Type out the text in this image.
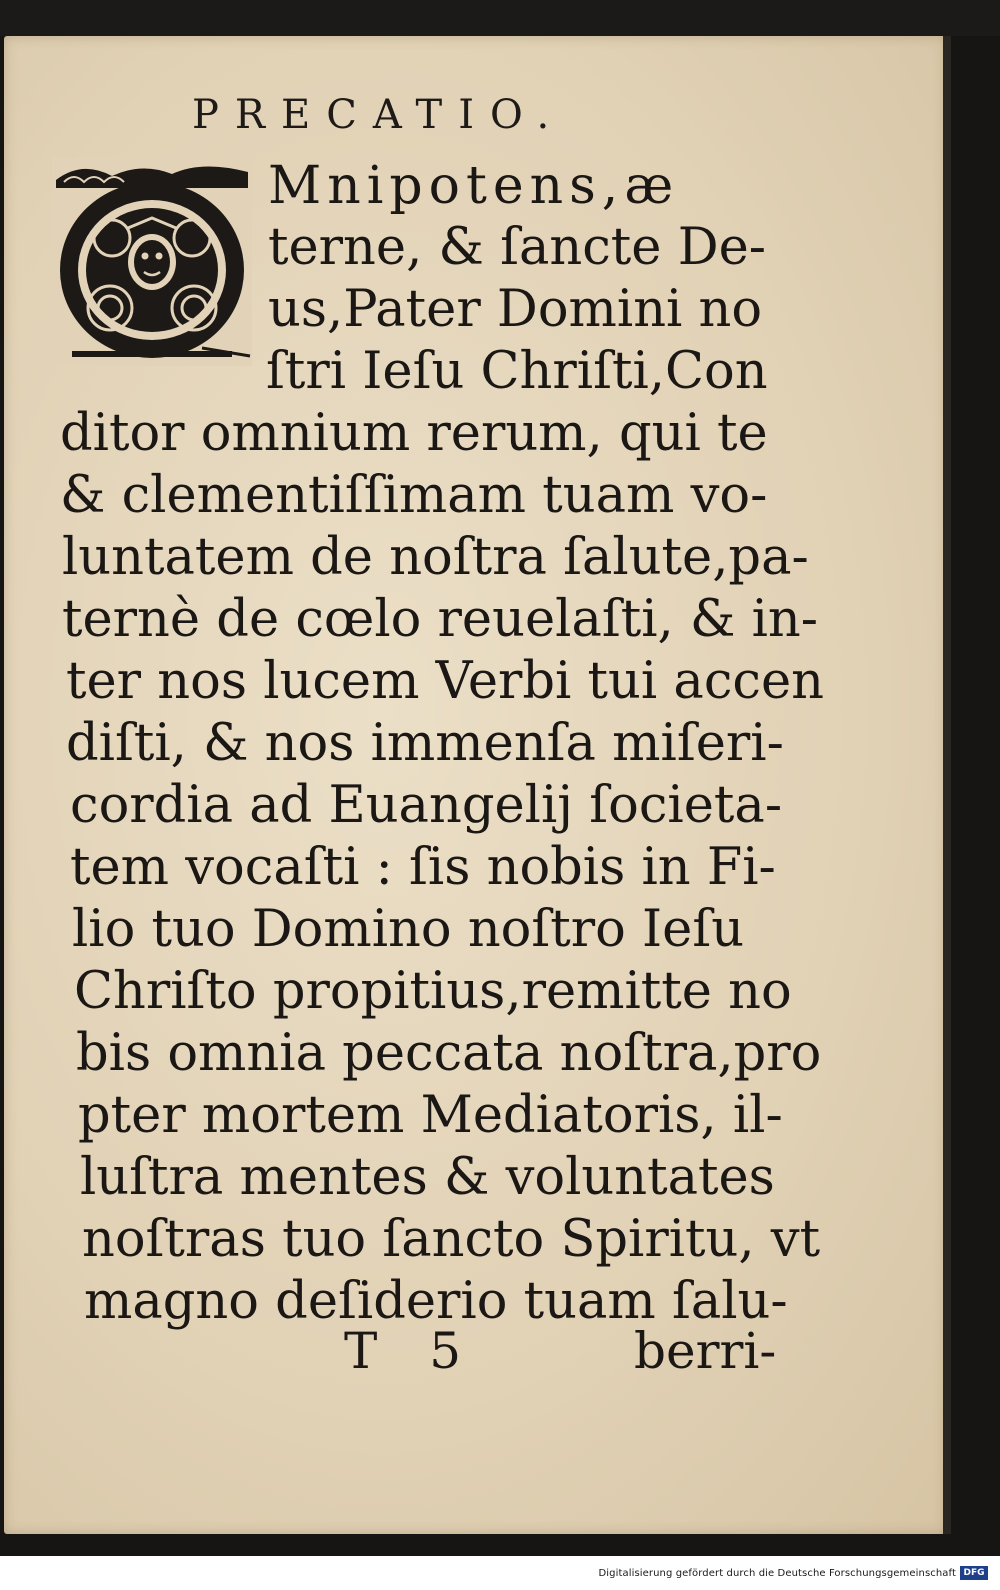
PRECATIO.
Mnipotens,æ
terne, & ſancte De-
us,Pater Domini no
ſtri Ieſu Chriſti,Con
ditor omnium rerum, qui te
& clementiſſimam tuam vo-
luntatem de noſtra ſalute,pa-
ternè de cœlo reuelaſti, & in-
ter nos lucem Verbi tui accen
diſti, & nos immenſa miſeri-
cordia ad Euangelij ſocieta-
tem vocaſti : ſis nobis in Fi-
lio tuo Domino noſtro Ieſu
Chriſto propitius,remitte no
bis omnia peccata noſtra,pro
pter mortem Mediatoris, il-
luſtra mentes & voluntates
noſtras tuo ſancto Spiritu, vt
magno deſiderio tuam ſalu-
T 5	berri-
Digitalisierung gefördert durch die Deutsche Forschungsgemeinschaft DFG
